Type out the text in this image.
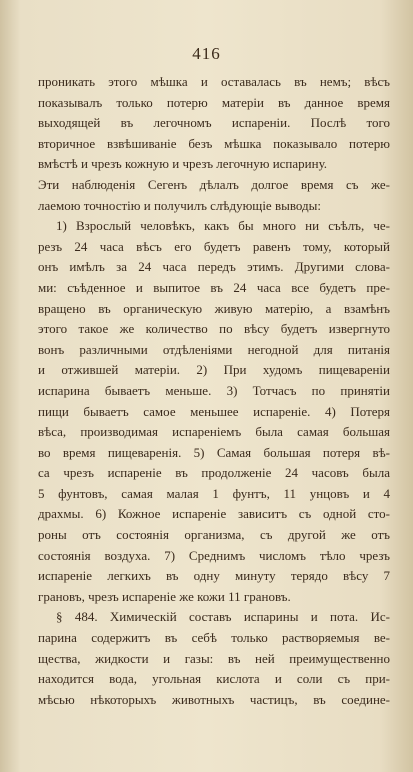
416
проникать этого мѣшка и оставалась въ немъ; вѣсъ
показывалъ только потерю матеріи въ данное время
выходящей въ легочномъ испареніи. Послѣ того
вторичное взвѣшиваніе безъ мѣшка показывало потерю
вмѣстѣ и чрезъ кожную и чрезъ легочную испарину.
Эти наблюденія Сегенъ дѣлалъ долгое время съ же-
лаемою точностію и получилъ слѣдующіе выводы:
1) Взрослый человѣкъ, какъ бы много ни съѣлъ, че-
резъ 24 часа вѣсъ его будетъ равенъ тому, который
онъ имѣлъ за 24 часа передъ этимъ. Другими слова-
ми: съѣденное и выпитое въ 24 часа все будетъ пре-
вращено въ органическую живую матерію, а взамѣнъ
этого такое же количество по вѣсу будетъ извергнуто
вонъ различными отдѣленіями негодной для питанія
и отжившей матеріи. 2) При худомъ пищевареніи
испарина бываетъ меньше. 3) Тотчасъ по принятіи
пищи бываетъ самое меньшее испареніе. 4) Потеря
вѣса, производимая испареніемъ была самая большая
во время пищеваренія. 5) Самая большая потеря вѣ-
са чрезъ испареніе въ продолженіе 24 часовъ была
5 фунтовъ, самая малая 1 фунтъ, 11 унцовъ и 4
драхмы. 6) Кожное испареніе зависитъ съ одной сто-
роны отъ состоянія организма, съ другой же отъ
состоянія воздуха. 7) Среднимъ числомъ тѣло чрезъ
испареніе легкихъ въ одну минуту терядо вѣсу 7
грановъ, чрезъ испареніе же кожи 11 грановъ.
§ 484. Химическій составъ испарины и пота. Ис-
парина содержитъ въ себѣ только растворяемыя ве-
щества, жидкости и газы: въ ней преимущественно
находится вода, угольная кислота и соли съ при-
мѣсью нѣкоторыхъ животныхъ частицъ, въ соедине-
